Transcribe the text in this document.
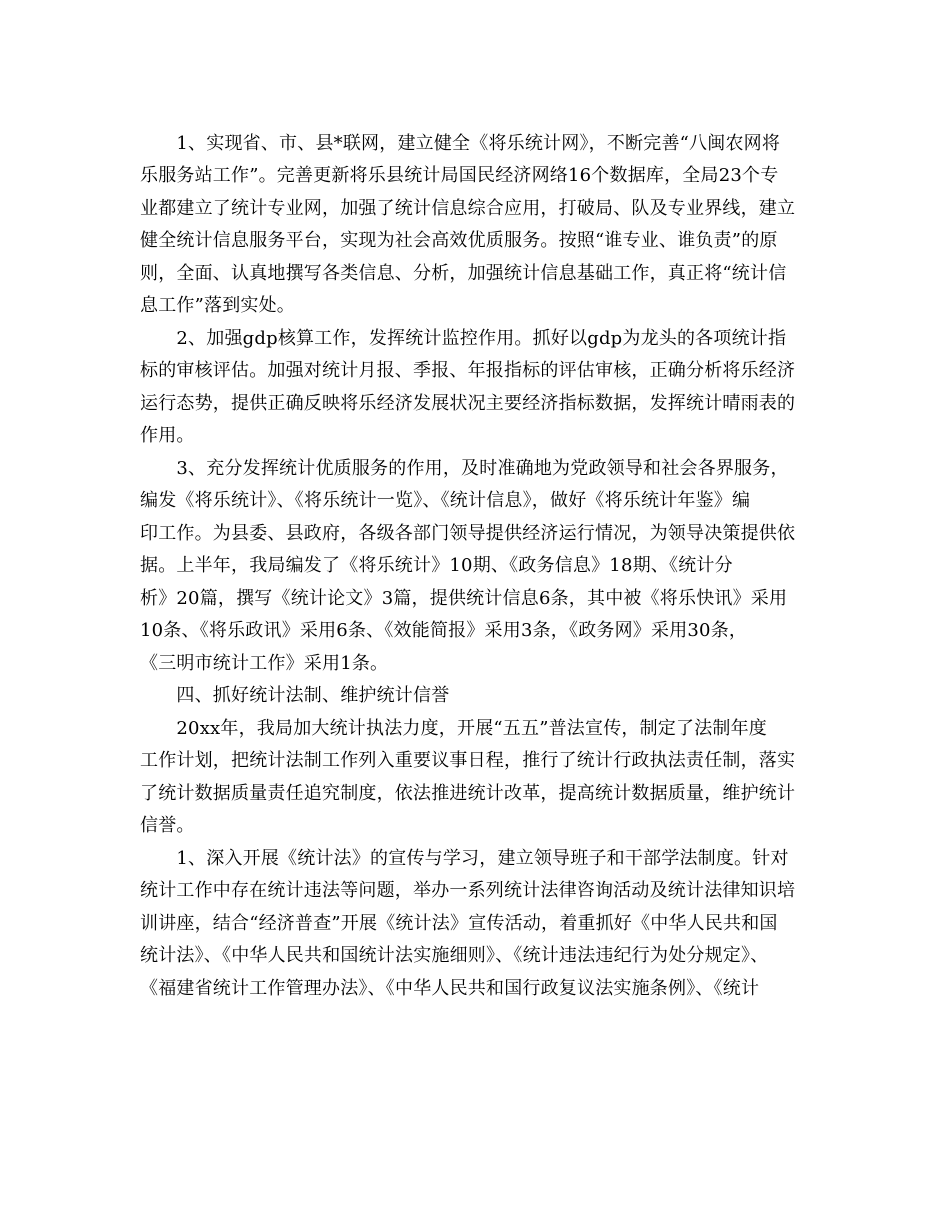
　　1、实现省、市、县*联网，建立健全《将乐统计网》，不断完善“八闽农网将
乐服务站工作”。完善更新将乐县统计局国民经济网络16个数据库，全局23个专
业都建立了统计专业网，加强了统计信息综合应用，打破局、队及专业界线，建立
健全统计信息服务平台，实现为社会高效优质服务。按照“谁专业、谁负责”的原
则，全面、认真地撰写各类信息、分析，加强统计信息基础工作，真正将“统计信
息工作”落到实处。
　　2、加强gdp核算工作，发挥统计监控作用。抓好以gdp为龙头的各项统计指
标的审核评估。加强对统计月报、季报、年报指标的评估审核，正确分析将乐经济
运行态势，提供正确反映将乐经济发展状况主要经济指标数据，发挥统计晴雨表的
作用。
　　3、充分发挥统计优质服务的作用，及时准确地为党政领导和社会各界服务，
编发《将乐统计》、《将乐统计一览》、《统计信息》，做好《将乐统计年鉴》编
印工作。为县委、县政府，各级各部门领导提供经济运行情况，为领导决策提供依
据。上半年，我局编发了《将乐统计》10期、《政务信息》18期、《统计分
析》20篇，撰写《统计论文》3篇，提供统计信息6条，其中被《将乐快讯》采用
10条、《将乐政讯》采用6条、《效能简报》采用3条，《政务网》采用30条，
《三明市统计工作》采用1条。
　　四、抓好统计法制、维护统计信誉
　　20xx年，我局加大统计执法力度，开展“五五”普法宣传，制定了法制年度
工作计划，把统计法制工作列入重要议事日程，推行了统计行政执法责任制，落实
了统计数据质量责任追究制度，依法推进统计改革，提高统计数据质量，维护统计
信誉。
　　1、深入开展《统计法》的宣传与学习，建立领导班子和干部学法制度。针对
统计工作中存在统计违法等问题，举办一系列统计法律咨询活动及统计法律知识培
训讲座，结合“经济普查”开展《统计法》宣传活动，着重抓好《中华人民共和国
统计法》、《中华人民共和国统计法实施细则》、《统计违法违纪行为处分规定》、
《福建省统计工作管理办法》、《中华人民共和国行政复议法实施条例》、《统计
